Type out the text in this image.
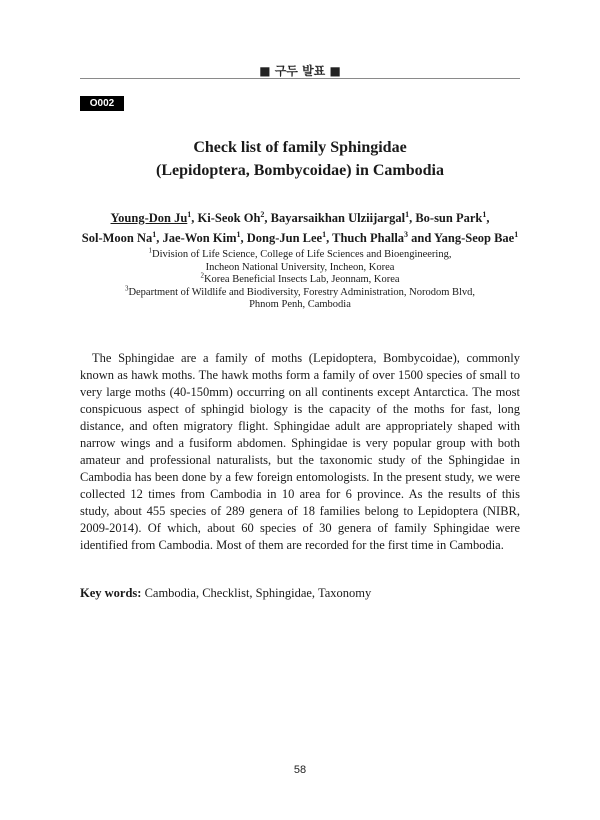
■ 구두 발표 ■
O002
Check list of family Sphingidae
(Lepidoptera, Bombycoidae) in Cambodia
Young-Don Ju$^1$, Ki-Seok Oh$^2$, Bayarsaikhan Ulziijargal$^1$, Bo-sun Park$^1$,
Sol-Moon Na$^1$, Jae-Won Kim$^1$, Dong-Jun Lee$^1$, Thuch Phalla$^3$ and Yang-Seop Bae$^1$
$^1$Division of Life Science, College of Life Sciences and Bioengineering,
Incheon National University, Incheon, Korea
$^2$Korea Beneficial Insects Lab, Jeonnam, Korea
$^3$Department of Wildlife and Biodiversity, Forestry Administration, Norodom Blvd,
Phnom Penh, Cambodia

The Sphingidae are a family of moths (Lepidoptera, Bombycoidae), commonly known as hawk moths. The hawk moths form a family of over 1500 species of small to very large moths (40-150mm) occurring on all continents except Antarctica. The most conspicuous aspect of sphingid biology is the capacity of the moths for fast, long distance, and often migratory flight. Sphingidae adult are appropriately shaped with narrow wings and a fusiform abdomen. Sphingidae is very popular group with both amateur and professional naturalists, but the taxonomic study of the Sphingidae in Cambodia has been done by a few foreign entomologists. In the present study, we were collected 12 times from Cambodia in 10 area for 6 province. As the results of this study, about 455 species of 289 genera of 18 families belong to Lepidoptera (NIBR, 2009-2014). Of which, about 60 species of 30 genera of family Sphingidae were identified from Cambodia. Most of them are recorded for the first time in Cambodia.

Key words: Cambodia, Checklist, Sphingidae, Taxonomy
58
